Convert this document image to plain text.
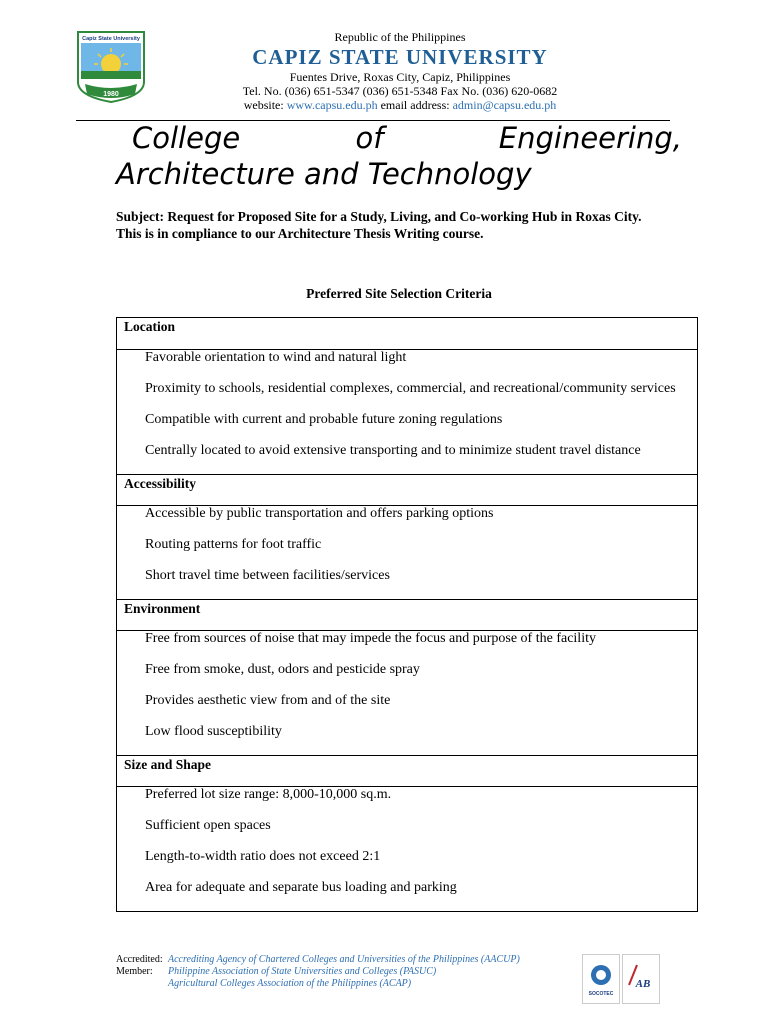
Capiz State University
1980
Republic of the Philippines
CAPIZ STATE UNIVERSITY
Fuentes Drive, Roxas City, Capiz, Philippines
Tel. No. (036) 651-5347 (036) 651-5348 Fax No. (036) 620-0682
website: www.capsu.edu.ph email address: admin@capsu.edu.ph
College	of	Engineering,
Architecture and Technology
Subject: Request for Proposed Site for a Study, Living, and Co-working Hub in Roxas City.
This is in compliance to our Architecture Thesis Writing course.
Preferred Site Selection Criteria
Location
Favorable orientation to wind and natural light
Proximity to schools, residential complexes, commercial, and recreational/community services
Compatible with current and probable future zoning regulations
Centrally located to avoid extensive transporting and to minimize student travel distance
Accessibility
Accessible by public transportation and offers parking options
Routing patterns for foot traffic
Short travel time between facilities/services
Environment
Free from sources of noise that may impede the focus and purpose of the facility
Free from smoke, dust, odors and pesticide spray
Provides aesthetic view from and of the site
Low flood susceptibility
Size and Shape
Preferred lot size range: 8,000-10,000 sq.m.
Sufficient open spaces
Length-to-width ratio does not exceed 2:1
Area for adequate and separate bus loading and parking
Accredited: Accrediting Agency of Chartered Colleges and Universities of the Philippines (AACUP)
Member:	Philippine Association of State Universities and Colleges (PASUC)
Agricultural Colleges Association of the Philippines (ACAP)
SOCOTEC
AB
